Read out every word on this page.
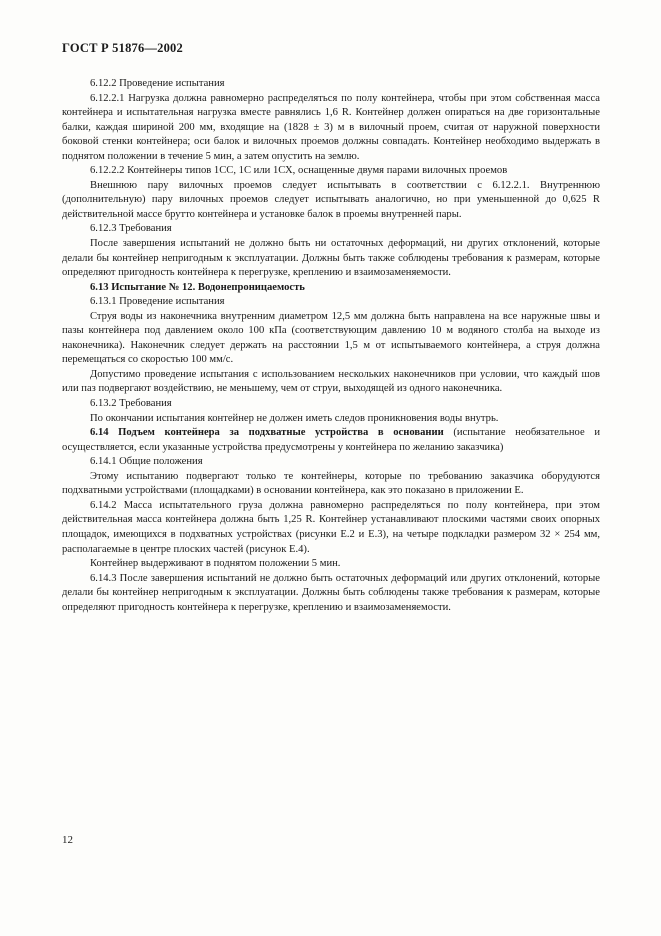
ГОСТ Р 51876—2002

6.12.2 Проведение испытания

6.12.2.1 Нагрузка должна равномерно распределяться по полу контейнера, чтобы при этом собственная масса контейнера и испытательная нагрузка вместе равнялись 1,6 R. Контейнер должен опираться на две горизонтальные балки, каждая шириной 200 мм, входящие на (1828 ± 3) м в вилочный проем, считая от наружной поверхности боковой стенки контейнера; оси балок и вилочных проемов должны совпадать. Контейнер необходимо выдержать в поднятом положении в течение 5 мин, а затем опустить на землю.

6.12.2.2 Контейнеры типов 1СС, 1С или 1СХ, оснащенные двумя парами вилочных проемов

Внешнюю пару вилочных проемов следует испытывать в соответствии с 6.12.2.1. Внутреннюю (дополнительную) пару вилочных проемов следует испытывать аналогично, но при уменьшенной до 0,625 R действительной массе брутто контейнера и установке балок в проемы внутренней пары.

6.12.3 Требования

После завершения испытаний не должно быть ни остаточных деформаций, ни других отклонений, которые делали бы контейнер непригодным к эксплуатации. Должны быть также соблюдены требования к размерам, которые определяют пригодность контейнера к перегрузке, креплению и взаимозаменяемости.

6.13 Испытание № 12. Водонепроницаемость

6.13.1 Проведение испытания

Струя воды из наконечника внутренним диаметром 12,5 мм должна быть направлена на все наружные швы и пазы контейнера под давлением около 100 кПа (соответствующим давлению 10 м водяного столба на выходе из наконечника). Наконечник следует держать на расстоянии 1,5 м от испытываемого контейнера, а струя должна перемещаться со скоростью 100 мм/с.

Допустимо проведение испытания с использованием нескольких наконечников при условии, что каждый шов или паз подвергают воздействию, не меньшему, чем от струи, выходящей из одного наконечника.

6.13.2 Требования

По окончании испытания контейнер не должен иметь следов проникновения воды внутрь.

6.14 Подъем контейнера за подхватные устройства в основании (испытание необязательное и осуществляется, если указанные устройства предусмотрены у контейнера по желанию заказчика)

6.14.1 Общие положения

Этому испытанию подвергают только те контейнеры, которые по требованию заказчика оборудуются подхватными устройствами (площадками) в основании контейнера, как это показано в приложении Е.

6.14.2 Масса испытательного груза должна равномерно распределяться по полу контейнера, при этом действительная масса контейнера должна быть 1,25 R. Контейнер устанавливают плоскими частями своих опорных площадок, имеющихся в подхватных устройствах (рисунки Е.2 и Е.3), на четыре подкладки размером 32 × 254 мм, располагаемые в центре плоских частей (рисунок Е.4).

Контейнер выдерживают в поднятом положении 5 мин.

6.14.3 После завершения испытаний не должно быть остаточных деформаций или других отклонений, которые делали бы контейнер непригодным к эксплуатации. Должны быть соблюдены также требования к размерам, которые определяют пригодность контейнера к перегрузке, креплению и взаимозаменяемости.

12
